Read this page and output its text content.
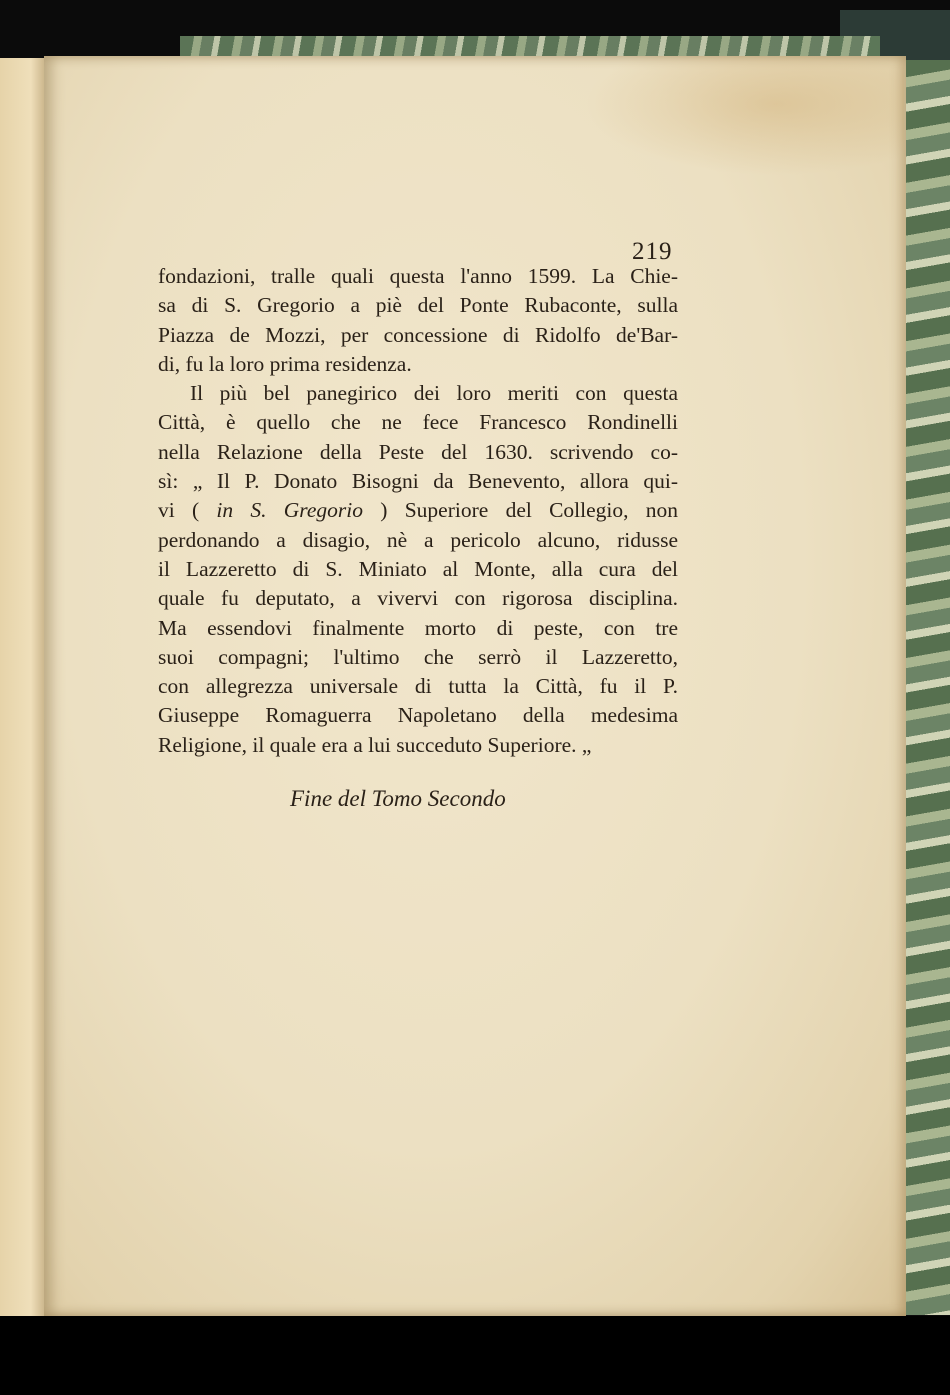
219

fondazioni, tralle quali questa l'anno 1599. La Chie-
sa di S. Gregorio a piè del Ponte Rubaconte, sulla
Piazza de Mozzi, per concessione di Ridolfo de'Bar-
di, fu la loro prima residenza.

Il più bel panegirico dei loro meriti con questa
Città, è quello che ne fece Francesco Rondinelli
nella Relazione della Peste del 1630. scrivendo co-
sì: „ Il P. Donato Bisogni da Benevento, allora qui-
vi ( in S. Gregorio ) Superiore del Collegio, non
perdonando a disagio, nè a pericolo alcuno, ridusse
il Lazzeretto di S. Miniato al Monte, alla cura del
quale fu deputato, a vivervi con rigorosa disciplina.
Ma essendovi finalmente morto di peste, con tre
suoi compagni; l'ultimo che serrò il Lazzeretto,
con allegrezza universale di tutta la Città, fu il P.
Giuseppe Romaguerra Napoletano della medesima
Religione, il quale era a lui succeduto Superiore. „

Fine del Tomo Secondo
